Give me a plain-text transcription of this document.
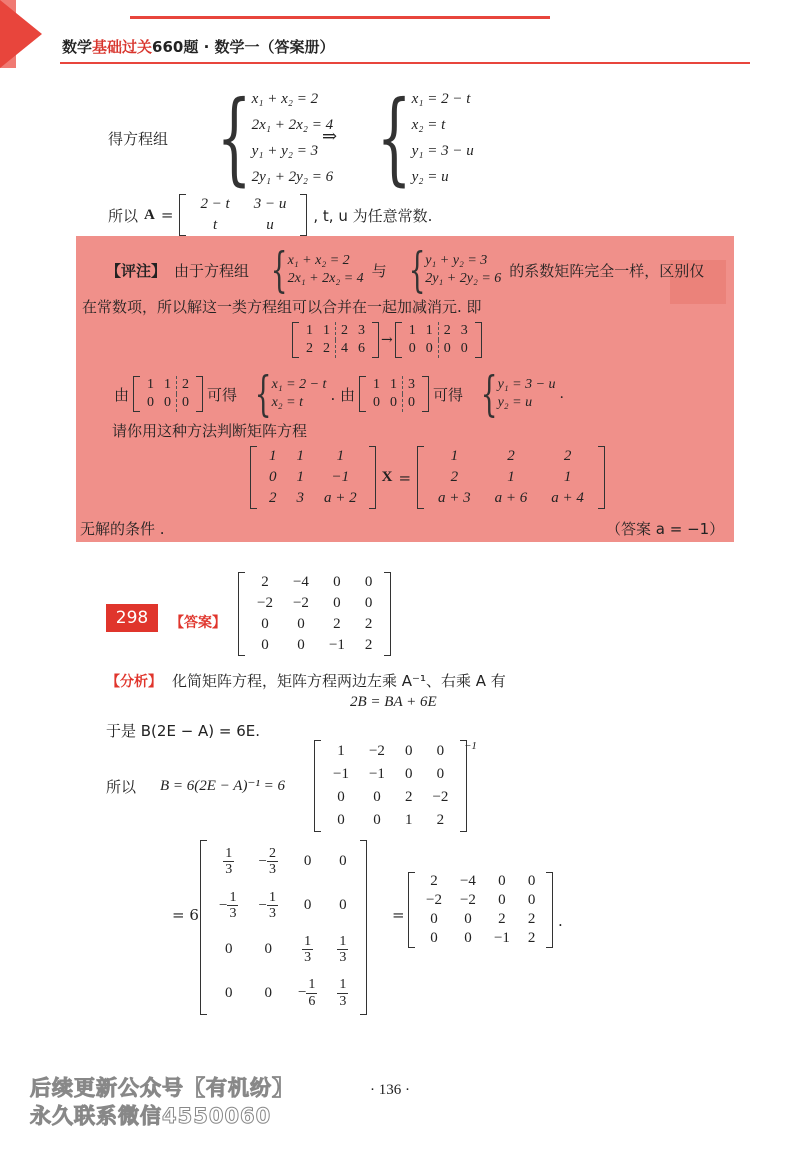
数学基础过关660题 · 数学一（答案册）
得方程组 { x₁ + x₂ = 2
2x₁ + 2x₂ = 4
y₁ + y₂ = 3
2y₁ + 2y₂ = 6
⇒ { x₁ = 2 − t
x₂ = t
y₁ = 3 − u
y₂ = u
所以 A =
2 − t	3 − u
t	u
, t, u 为任意常数.
【评注】 由于方程组 { x₁ + x₂ = 2
2x₁ + 2x₂ = 4 与 { y₁ + y₂ = 3
2y₁ + 2y₂ = 6 的系数矩阵完全一样，区别仅
在常数项，所以解这一类方程组可以合并在一起加减消元. 即
1	1	2	3
2	2	4	6
→
1	1	2	3
0	0	0	0
由
1	1	2
0	0	0 可得 { x₁ = 2 − t
x₂ = t	. 由
1	1	3
0	0	0 可得 { y₁ = 3 − u
y₂ = u
.
请你用这种方法判断矩阵方程
1	1	1
0	1	−1
2	3	a + 2
X =
1	2	2
2	1	1
a + 3	a + 6	a + 4
无解的条件 .	（答案 a = −1）
298	【答案】
2	−4	0	0
−2	−2	0	0
0	0	2	2
0	0	−1	2
【分析】 化简矩阵方程，矩阵方程两边左乘 A⁻¹、右乘 A 有
2B = BA + 6E
于是 B(2E − A) = 6E.
所以 B = 6(2E − A)⁻¹ = 6
1	−2	0	0
−1	−1	0	0
0	0	2	−2
0	0	1	2
−1
= 6
$\frac{1}{3}$	− $\frac{2}{3}$	0	0
− $\frac{1}{3}$	− $\frac{1}{3}$	0	0
0	0	$\frac{1}{3}$	$\frac{1}{3}$

0	0	− $\frac{1}{6}$	$\frac{1}{3}$
=
2	−4	0	0
−2	−2	0	0
0	0	2	2
0	0	−1	2
.
· 136 ·
后续更新公众号【有机纷】
永久联系微信4550060
